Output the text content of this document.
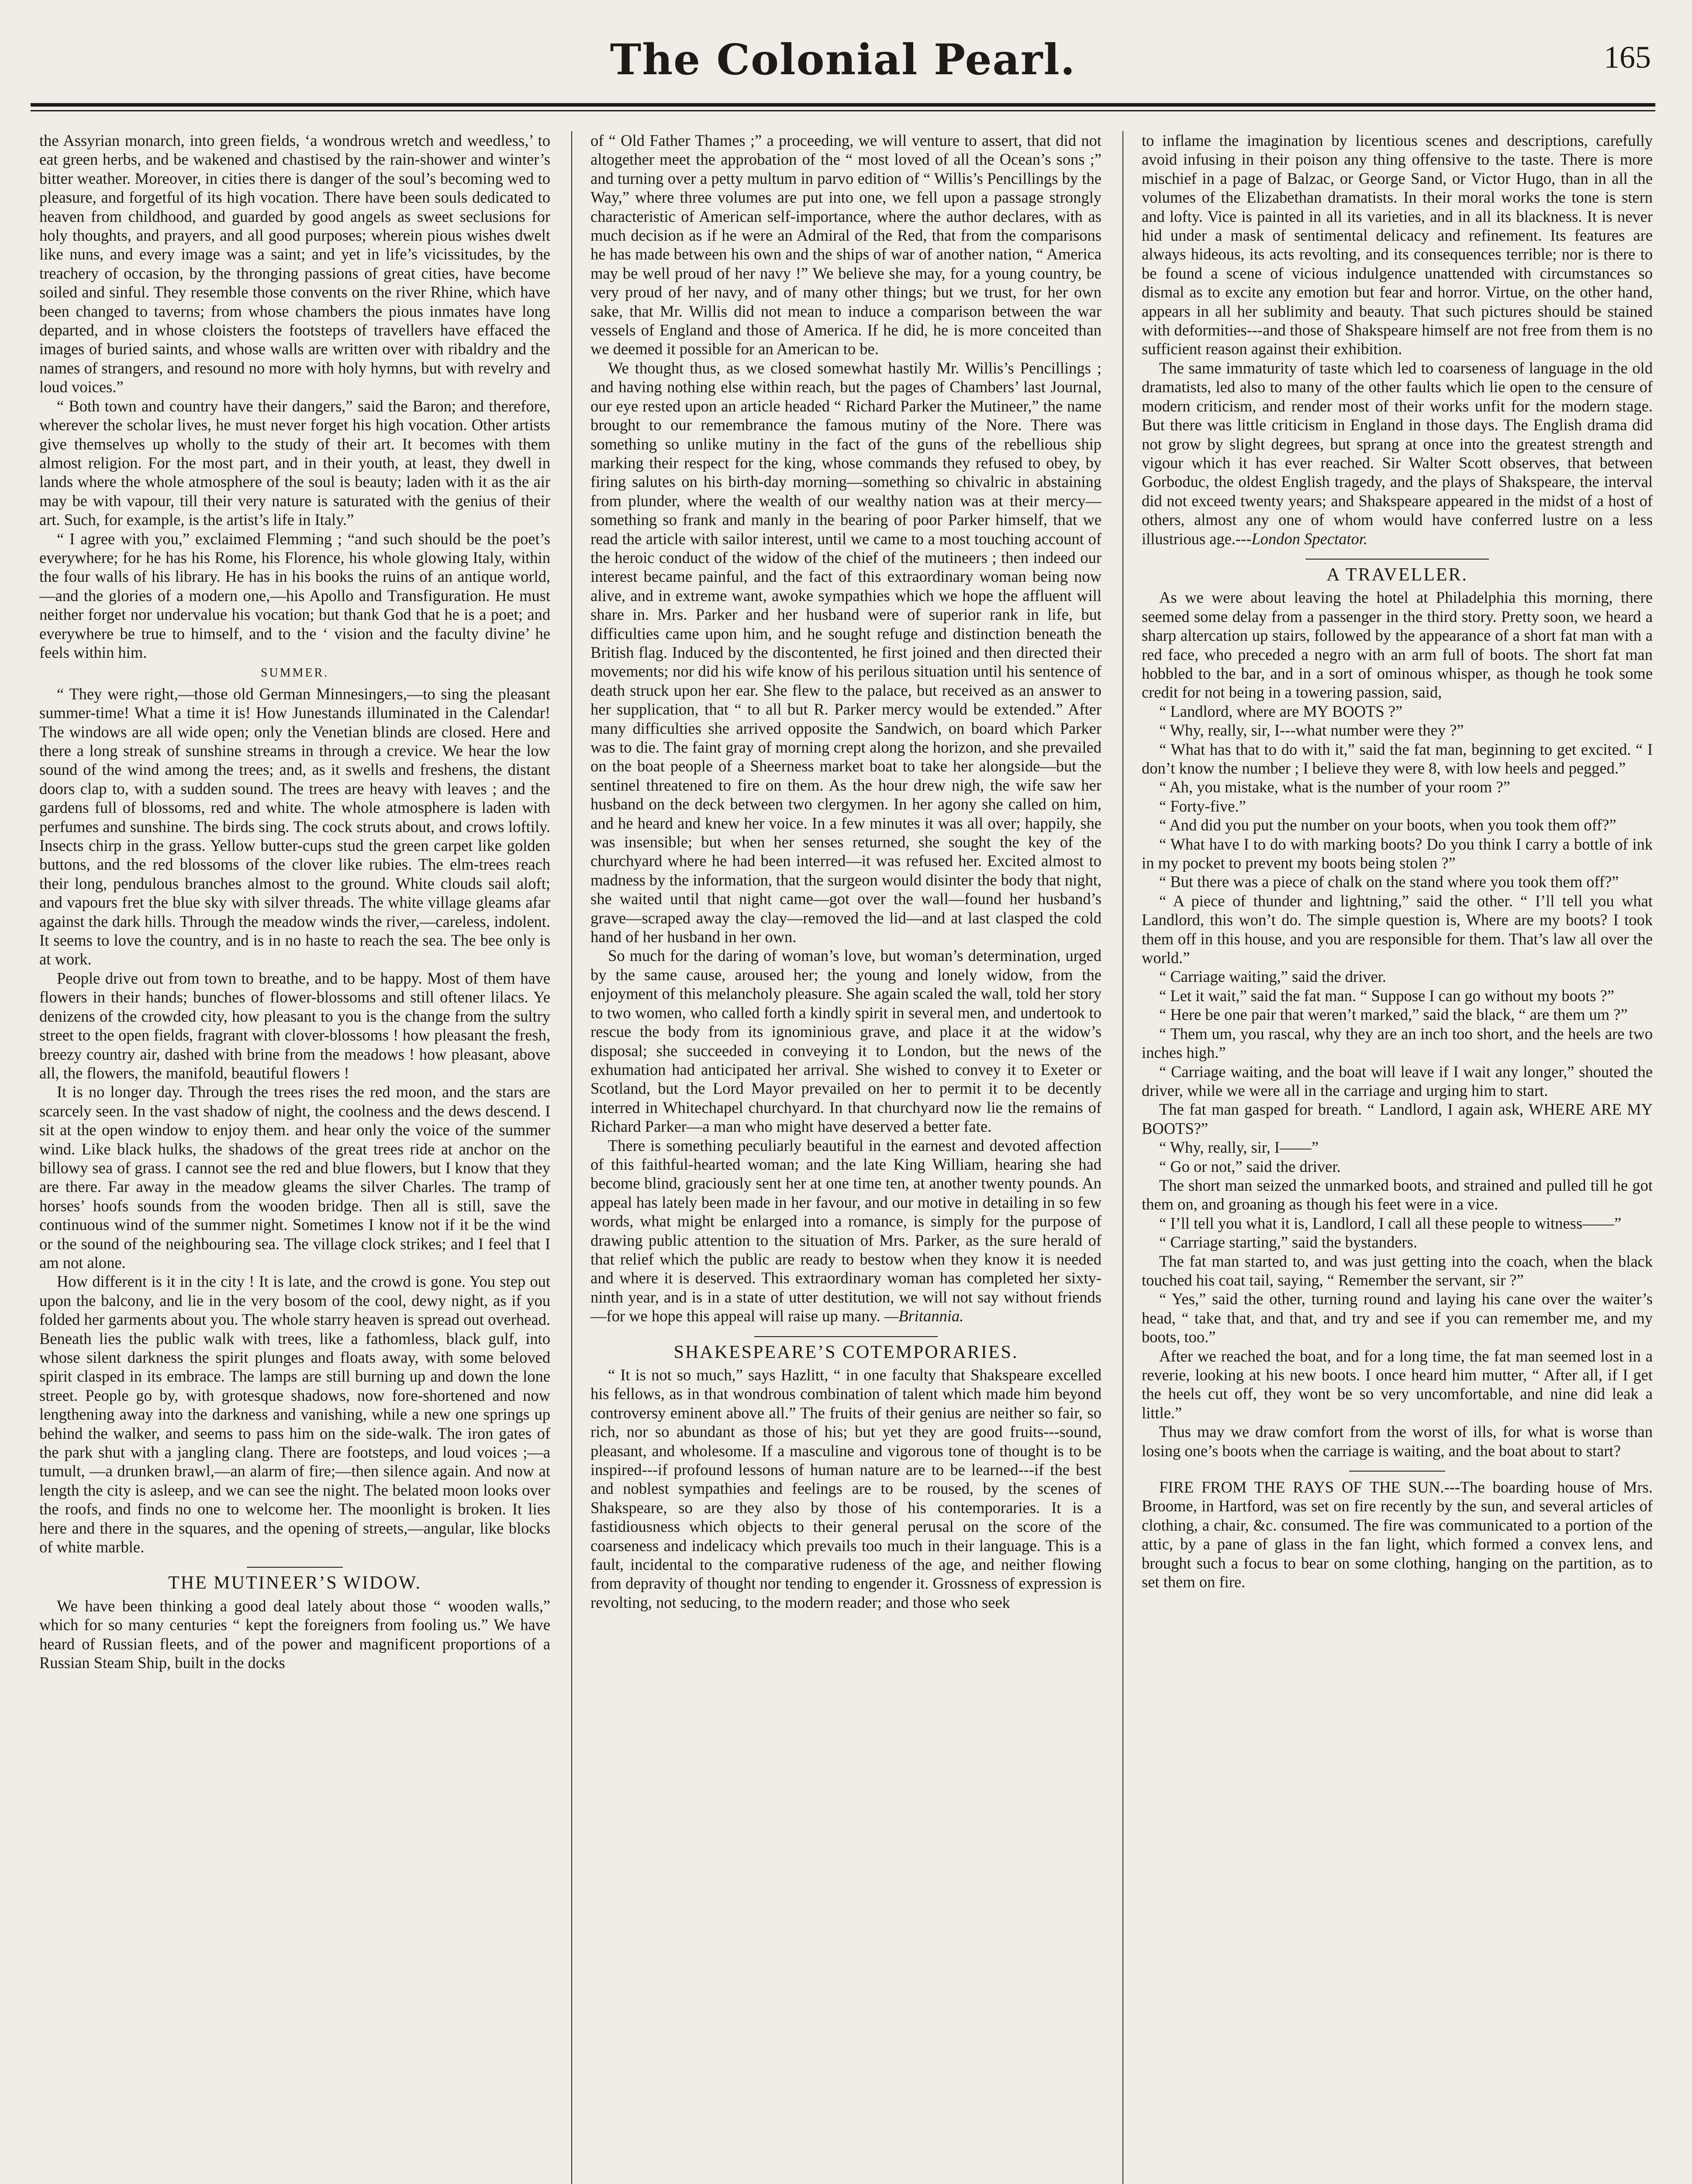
The Colonial Pearl.	165

the Assyrian monarch, into green fields, ‘a wondrous wretch and weedless,’ to eat green herbs, and be wakened and chastised by the rain-shower and winter’s bitter weather. Moreover, in cities there is danger of the soul’s becoming wed to pleasure, and forgetful of its high vocation. There have been souls dedicated to heaven from childhood, and guarded by good angels as sweet seclusions for holy thoughts, and prayers, and all good purposes; wherein pious wishes dwelt like nuns, and every image was a saint; and yet in life’s vicissitudes, by the treachery of occasion, by the thronging passions of great cities, have become soiled and sinful. They resemble those convents on the river Rhine, which have been changed to taverns; from whose chambers the pious inmates have long departed, and in whose cloisters the footsteps of travellers have effaced the images of buried saints, and whose walls are written over with ribaldry and the names of strangers, and resound no more with holy hymns, but with revelry and loud voices.”

“ Both town and country have their dangers,” said the Baron; and therefore, wherever the scholar lives, he must never forget his high vocation. Other artists give themselves up wholly to the study of their art. It becomes with them almost religion. For the most part, and in their youth, at least, they dwell in lands where the whole atmosphere of the soul is beauty; laden with it as the air may be with vapour, till their very nature is saturated with the genius of their art. Such, for example, is the artist’s life in Italy.”

“ I agree with you,” exclaimed Flemming ; “and such should be the poet’s everywhere; for he has his Rome, his Florence, his whole glowing Italy, within the four walls of his library. He has in his books the ruins of an antique world,—and the glories of a modern one,—his Apollo and Transfiguration. He must neither forget nor undervalue his vocation; but thank God that he is a poet; and everywhere be true to himself, and to the ‘ vision and the faculty divine’ he feels within him.

SUMMER.

“ They were right,—those old German Minnesingers,—to sing the pleasant summer-time! What a time it is! How Junestands illuminated in the Calendar! The windows are all wide open; only the Venetian blinds are closed. Here and there a long streak of sunshine streams in through a crevice. We hear the low sound of the wind among the trees; and, as it swells and freshens, the distant doors clap to, with a sudden sound. The trees are heavy with leaves ; and the gardens full of blossoms, red and white. The whole atmosphere is laden with perfumes and sunshine. The birds sing. The cock struts about, and crows loftily. Insects chirp in the grass. Yellow butter-cups stud the green carpet like golden buttons, and the red blossoms of the clover like rubies. The elm-trees reach their long, pendulous branches almost to the ground. White clouds sail aloft; and vapours fret the blue sky with silver threads. The white village gleams afar against the dark hills. Through the meadow winds the river,—careless, indolent. It seems to love the country, and is in no haste to reach the sea. The bee only is at work.

People drive out from town to breathe, and to be happy. Most of them have flowers in their hands; bunches of flower-blossoms and still oftener lilacs. Ye denizens of the crowded city, how pleasant to you is the change from the sultry street to the open fields, fragrant with clover-blossoms ! how pleasant the fresh, breezy country air, dashed with brine from the meadows ! how pleasant, above all, the flowers, the manifold, beautiful flowers !

It is no longer day. Through the trees rises the red moon, and the stars are scarcely seen. In the vast shadow of night, the coolness and the dews descend. I sit at the open window to enjoy them. and hear only the voice of the summer wind. Like black hulks, the shadows of the great trees ride at anchor on the billowy sea of grass. I cannot see the red and blue flowers, but I know that they are there. Far away in the meadow gleams the silver Charles. The tramp of horses’ hoofs sounds from the wooden bridge. Then all is still, save the continuous wind of the summer night. Sometimes I know not if it be the wind or the sound of the neighbouring sea. The village clock strikes; and I feel that I am not alone.

How different is it in the city ! It is late, and the crowd is gone. You step out upon the balcony, and lie in the very bosom of the cool, dewy night, as if you folded her garments about you. The whole starry heaven is spread out overhead. Beneath lies the public walk with trees, like a fathomless, black gulf, into whose silent darkness the spirit plunges and floats away, with some beloved spirit clasped in its embrace. The lamps are still burning up and down the lone street. People go by, with grotesque shadows, now fore-shortened and now lengthening away into the darkness and vanishing, while a new one springs up behind the walker, and seems to pass him on the side-walk. The iron gates of the park shut with a jangling clang. There are footsteps, and loud voices ;—a tumult, —a drunken brawl,—an alarm of fire;—then silence again. And now at length the city is asleep, and we can see the night. The belated moon looks over the roofs, and finds no one to welcome her. The moonlight is broken. It lies here and there in the squares, and the opening of streets,—angular, like blocks of white marble.

THE MUTINEER’S WIDOW.

We have been thinking a good deal lately about those “ wooden walls,” which for so many centuries “ kept the foreigners from fooling us.” We have heard of Russian fleets, and of the power and magnificent proportions of a Russian Steam Ship, built in the docks

of “ Old Father Thames ;” a proceeding, we will venture to assert, that did not altogether meet the approbation of the “ most loved of all the Ocean’s sons ;” and turning over a petty multum in parvo edition of “ Willis’s Pencillings by the Way,” where three volumes are put into one, we fell upon a passage strongly characteristic of American self-importance, where the author declares, with as much decision as if he were an Admiral of the Red, that from the comparisons he has made between his own and the ships of war of another nation, “ America may be well proud of her navy !” We believe she may, for a young country, be very proud of her navy, and of many other things; but we trust, for her own sake, that Mr. Willis did not mean to induce a comparison between the war vessels of England and those of America. If he did, he is more conceited than we deemed it possible for an American to be.

We thought thus, as we closed somewhat hastily Mr. Willis’s Pencillings ; and having nothing else within reach, but the pages of Chambers’ last Journal, our eye rested upon an article headed “ Richard Parker the Mutineer,” the name brought to our remembrance the famous mutiny of the Nore. There was something so unlike mutiny in the fact of the guns of the rebellious ship marking their respect for the king, whose commands they refused to obey, by firing salutes on his birth-day morning—something so chivalric in abstaining from plunder, where the wealth of our wealthy nation was at their mercy—something so frank and manly in the bearing of poor Parker himself, that we read the article with sailor interest, until we came to a most touching account of the heroic conduct of the widow of the chief of the mutineers ; then indeed our interest became painful, and the fact of this extraordinary woman being now alive, and in extreme want, awoke sympathies which we hope the affluent will share in. Mrs. Parker and her husband were of superior rank in life, but difficulties came upon him, and he sought refuge and distinction beneath the British flag. Induced by the discontented, he first joined and then directed their movements; nor did his wife know of his perilous situation until his sentence of death struck upon her ear. She flew to the palace, but received as an answer to her supplication, that “ to all but R. Parker mercy would be extended.” After many difficulties she arrived opposite the Sandwich, on board which Parker was to die. The faint gray of morning crept along the horizon, and she prevailed on the boat people of a Sheerness market boat to take her alongside—but the sentinel threatened to fire on them. As the hour drew nigh, the wife saw her husband on the deck between two clergymen. In her agony she called on him, and he heard and knew her voice. In a few minutes it was all over; happily, she was insensible; but when her senses returned, she sought the key of the churchyard where he had been interred—it was refused her. Excited almost to madness by the information, that the surgeon would disinter the body that night, she waited until that night came—got over the wall—found her husband’s grave—scraped away the clay—removed the lid—and at last clasped the cold hand of her husband in her own.

So much for the daring of woman’s love, but woman’s determination, urged by the same cause, aroused her; the young and lonely widow, from the enjoyment of this melancholy pleasure. She again scaled the wall, told her story to two women, who called forth a kindly spirit in several men, and undertook to rescue the body from its ignominious grave, and place it at the widow’s disposal; she succeeded in conveying it to London, but the news of the exhumation had anticipated her arrival. She wished to convey it to Exeter or Scotland, but the Lord Mayor prevailed on her to permit it to be decently interred in Whitechapel churchyard. In that churchyard now lie the remains of Richard Parker—a man who might have deserved a better fate.

There is something peculiarly beautiful in the earnest and devoted affection of this faithful-hearted woman; and the late King William, hearing she had become blind, graciously sent her at one time ten, at another twenty pounds. An appeal has lately been made in her favour, and our motive in detailing in so few words, what might be enlarged into a romance, is simply for the purpose of drawing public attention to the situation of Mrs. Parker, as the sure herald of that relief which the public are ready to bestow when they know it is needed and where it is deserved. This extraordinary woman has completed her sixty-ninth year, and is in a state of utter destitution, we will not say without friends—for we hope this appeal will raise up many. —Britannia.

SHAKESPEARE’S COTEMPORARIES.

“ It is not so much,” says Hazlitt, “ in one faculty that Shakspeare excelled his fellows, as in that wondrous combination of talent which made him beyond controversy eminent above all.” The fruits of their genius are neither so fair, so rich, nor so abundant as those of his; but yet they are good fruits---sound, pleasant, and wholesome. If a masculine and vigorous tone of thought is to be inspired---if profound lessons of human nature are to be learned---if the best and noblest sympathies and feelings are to be roused, by the scenes of Shakspeare, so are they also by those of his contemporaries. It is a fastidiousness which objects to their general perusal on the score of the coarseness and indelicacy which prevails too much in their language. This is a fault, incidental to the comparative rudeness of the age, and neither flowing from depravity of thought nor tending to engender it. Grossness of expression is revolting, not seducing, to the modern reader; and those who seek

to inflame the imagination by licentious scenes and descriptions, carefully avoid infusing in their poison any thing offensive to the taste. There is more mischief in a page of Balzac, or George Sand, or Victor Hugo, than in all the volumes of the Elizabethan dramatists. In their moral works the tone is stern and lofty. Vice is painted in all its varieties, and in all its blackness. It is never hid under a mask of sentimental delicacy and refinement. Its features are always hideous, its acts revolting, and its consequences terrible; nor is there to be found a scene of vicious indulgence unattended with circumstances so dismal as to excite any emotion but fear and horror. Virtue, on the other hand, appears in all her sublimity and beauty. That such pictures should be stained with deformities---and those of Shakspeare himself are not free from them is no sufficient reason against their exhibition.

The same immaturity of taste which led to coarseness of language in the old dramatists, led also to many of the other faults which lie open to the censure of modern criticism, and render most of their works unfit for the modern stage. But there was little criticism in England in those days. The English drama did not grow by slight degrees, but sprang at once into the greatest strength and vigour which it has ever reached. Sir Walter Scott observes, that between Gorboduc, the oldest English tragedy, and the plays of Shakspeare, the interval did not exceed twenty years; and Shakspeare appeared in the midst of a host of others, almost any one of whom would have conferred lustre on a less illustrious age.---London Spectator.

A TRAVELLER.

As we were about leaving the hotel at Philadelphia this morning, there seemed some delay from a passenger in the third story. Pretty soon, we heard a sharp altercation up stairs, followed by the appearance of a short fat man with a red face, who preceded a negro with an arm full of boots. The short fat man hobbled to the bar, and in a sort of ominous whisper, as though he took some credit for not being in a towering passion, said,

“ Landlord, where are MY BOOTS ?”

“ Why, really, sir, I---what number were they ?”

“ What has that to do with it,” said the fat man, beginning to get excited. “ I don’t know the number ; I believe they were 8, with low heels and pegged.”

“ Ah, you mistake, what is the number of your room ?”

“ Forty-five.”

“ And did you put the number on your boots, when you took them off?”

“ What have I to do with marking boots? Do you think I carry a bottle of ink in my pocket to prevent my boots being stolen ?”

“ But there was a piece of chalk on the stand where you took them off?”

“ A piece of thunder and lightning,” said the other. “ I’ll tell you what Landlord, this won’t do. The simple question is, Where are my boots? I took them off in this house, and you are responsible for them. That’s law all over the world.”

“ Carriage waiting,” said the driver.

“ Let it wait,” said the fat man. “ Suppose I can go without my boots ?”

“ Here be one pair that weren’t marked,” said the black, “ are them um ?”

“ Them um, you rascal, why they are an inch too short, and the heels are two inches high.”

“ Carriage waiting, and the boat will leave if I wait any longer,” shouted the driver, while we were all in the carriage and urging him to start.

The fat man gasped for breath. “ Landlord, I again ask, WHERE ARE MY BOOTS?”

“ Why, really, sir, I——”

“ Go or not,” said the driver.

The short man seized the unmarked boots, and strained and pulled till he got them on, and groaning as though his feet were in a vice.

“ I’ll tell you what it is, Landlord, I call all these people to witness——”

“ Carriage starting,” said the bystanders.

The fat man started to, and was just getting into the coach, when the black touched his coat tail, saying, “ Remember the servant, sir ?”

“ Yes,” said the other, turning round and laying his cane over the waiter’s head, “ take that, and that, and try and see if you can remember me, and my boots, too.”

After we reached the boat, and for a long time, the fat man seemed lost in a reverie, looking at his new boots. I once heard him mutter, “ After all, if I get the heels cut off, they wont be so very uncomfortable, and nine did leak a little.”

Thus may we draw comfort from the worst of ills, for what is worse than losing one’s boots when the carriage is waiting, and the boat about to start?

FIRE FROM THE RAYS OF THE SUN.---The boarding house of Mrs. Broome, in Hartford, was set on fire recently by the sun, and several articles of clothing, a chair, &c. consumed. The fire was communicated to a portion of the attic, by a pane of glass in the fan light, which formed a convex lens, and brought such a focus to bear on some clothing, hanging on the partition, as to set them on fire.
